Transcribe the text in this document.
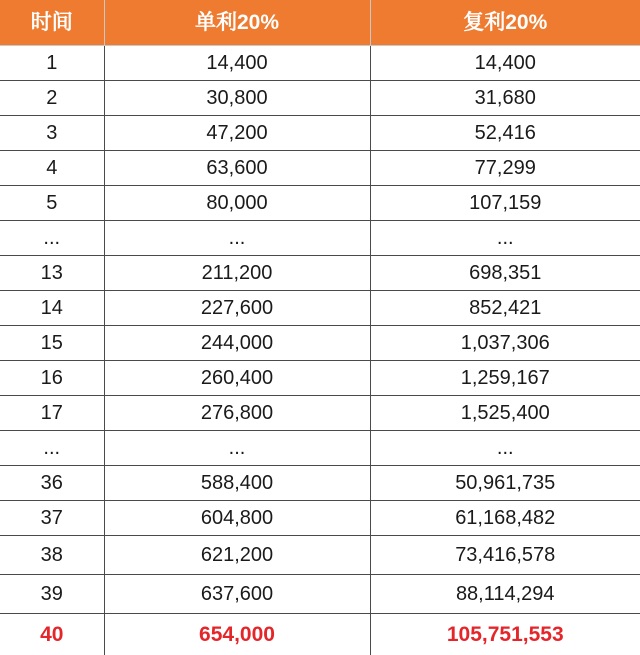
时间	单利20%	复利20%
1	14,400	14,400
2	30,800	31,680
3	47,200	52,416
4	63,600	77,299
5	80,000	107,159
...	...	...
13	211,200	698,351
14	227,600	852,421
15	244,000	1,037,306
16	260,400	1,259,167
17	276,800	1,525,400
...	...	...
36	588,400	50,961,735
37	604,800	61,168,482
38	621,200	73,416,578
39	637,600	88,114,294
40	654,000	105,751,553
